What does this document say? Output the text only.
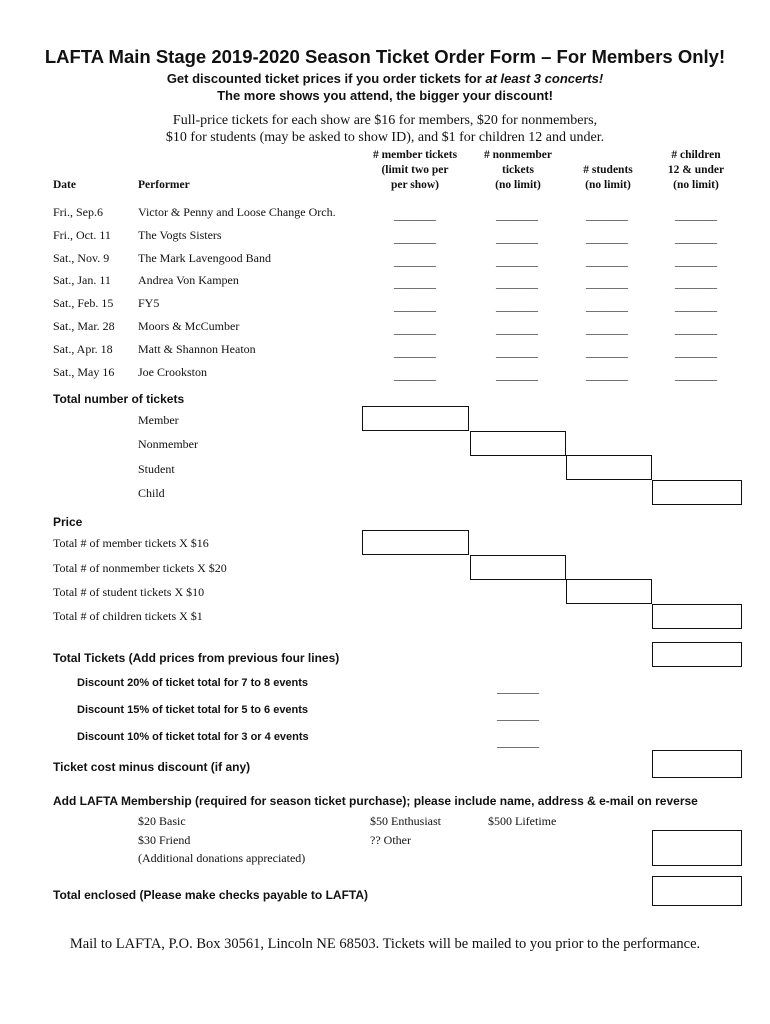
LAFTA Main Stage 2019-2020 Season Ticket Order Form – For Members Only!
Get discounted ticket prices if you order tickets for at least 3 concerts!
The more shows you attend, the bigger your discount!
Full-price tickets for each show are $16 for members, $20 for nonmembers,
$10 for students (may be asked to show ID), and $1 for children 12 and under.
Date	Performer
# member tickets
(limit two per
per show)
# nonmember
tickets
(no limit)
# students
(no limit)
# children
12 & under
(no limit)
Fri., Sep.6	Victor & Penny and Loose Change Orch.	_______	_______	_______	_______
Fri., Oct. 11 The Vogts Sisters	_______	_______	_______	_______
Sat., Nov. 9 The Mark Lavengood Band	_______	_______	_______	_______
Sat., Jan. 11 Andrea Von Kampen	_______	_______	_______	_______
Sat., Feb. 15 FY5	_______	_______	_______	_______
Sat., Mar. 28 Moors & McCumber	_______	_______	_______	_______
Sat., Apr. 18 Matt & Shannon Heaton	_______	_______	_______	_______
Sat., May 16 Joe Crookston	_______	_______	_______	_______
Total number of tickets
Member
Nonmember
Student
Child
Price
Total # of member tickets X $16
Total # of nonmember tickets X $20
Total # of student tickets X $10
Total # of children tickets X $1
Total Tickets (Add prices from previous four lines)
Discount 20% of ticket total for 7 to 8 events	_______
Discount 15% of ticket total for 5 to 6 events	_______
Discount 10% of ticket total for 3 or 4 events	_______
Ticket cost minus discount (if any)
Add LAFTA Membership (required for season ticket purchase); please include name, address & e-mail on reverse
$20 Basic	$50 Enthusiast	$500 Lifetime
$30 Friend	?? Other
(Additional donations appreciated)
Total enclosed (Please make checks payable to LAFTA)
Mail to LAFTA, P.O. Box 30561, Lincoln NE 68503. Tickets will be mailed to you prior to the performance.
